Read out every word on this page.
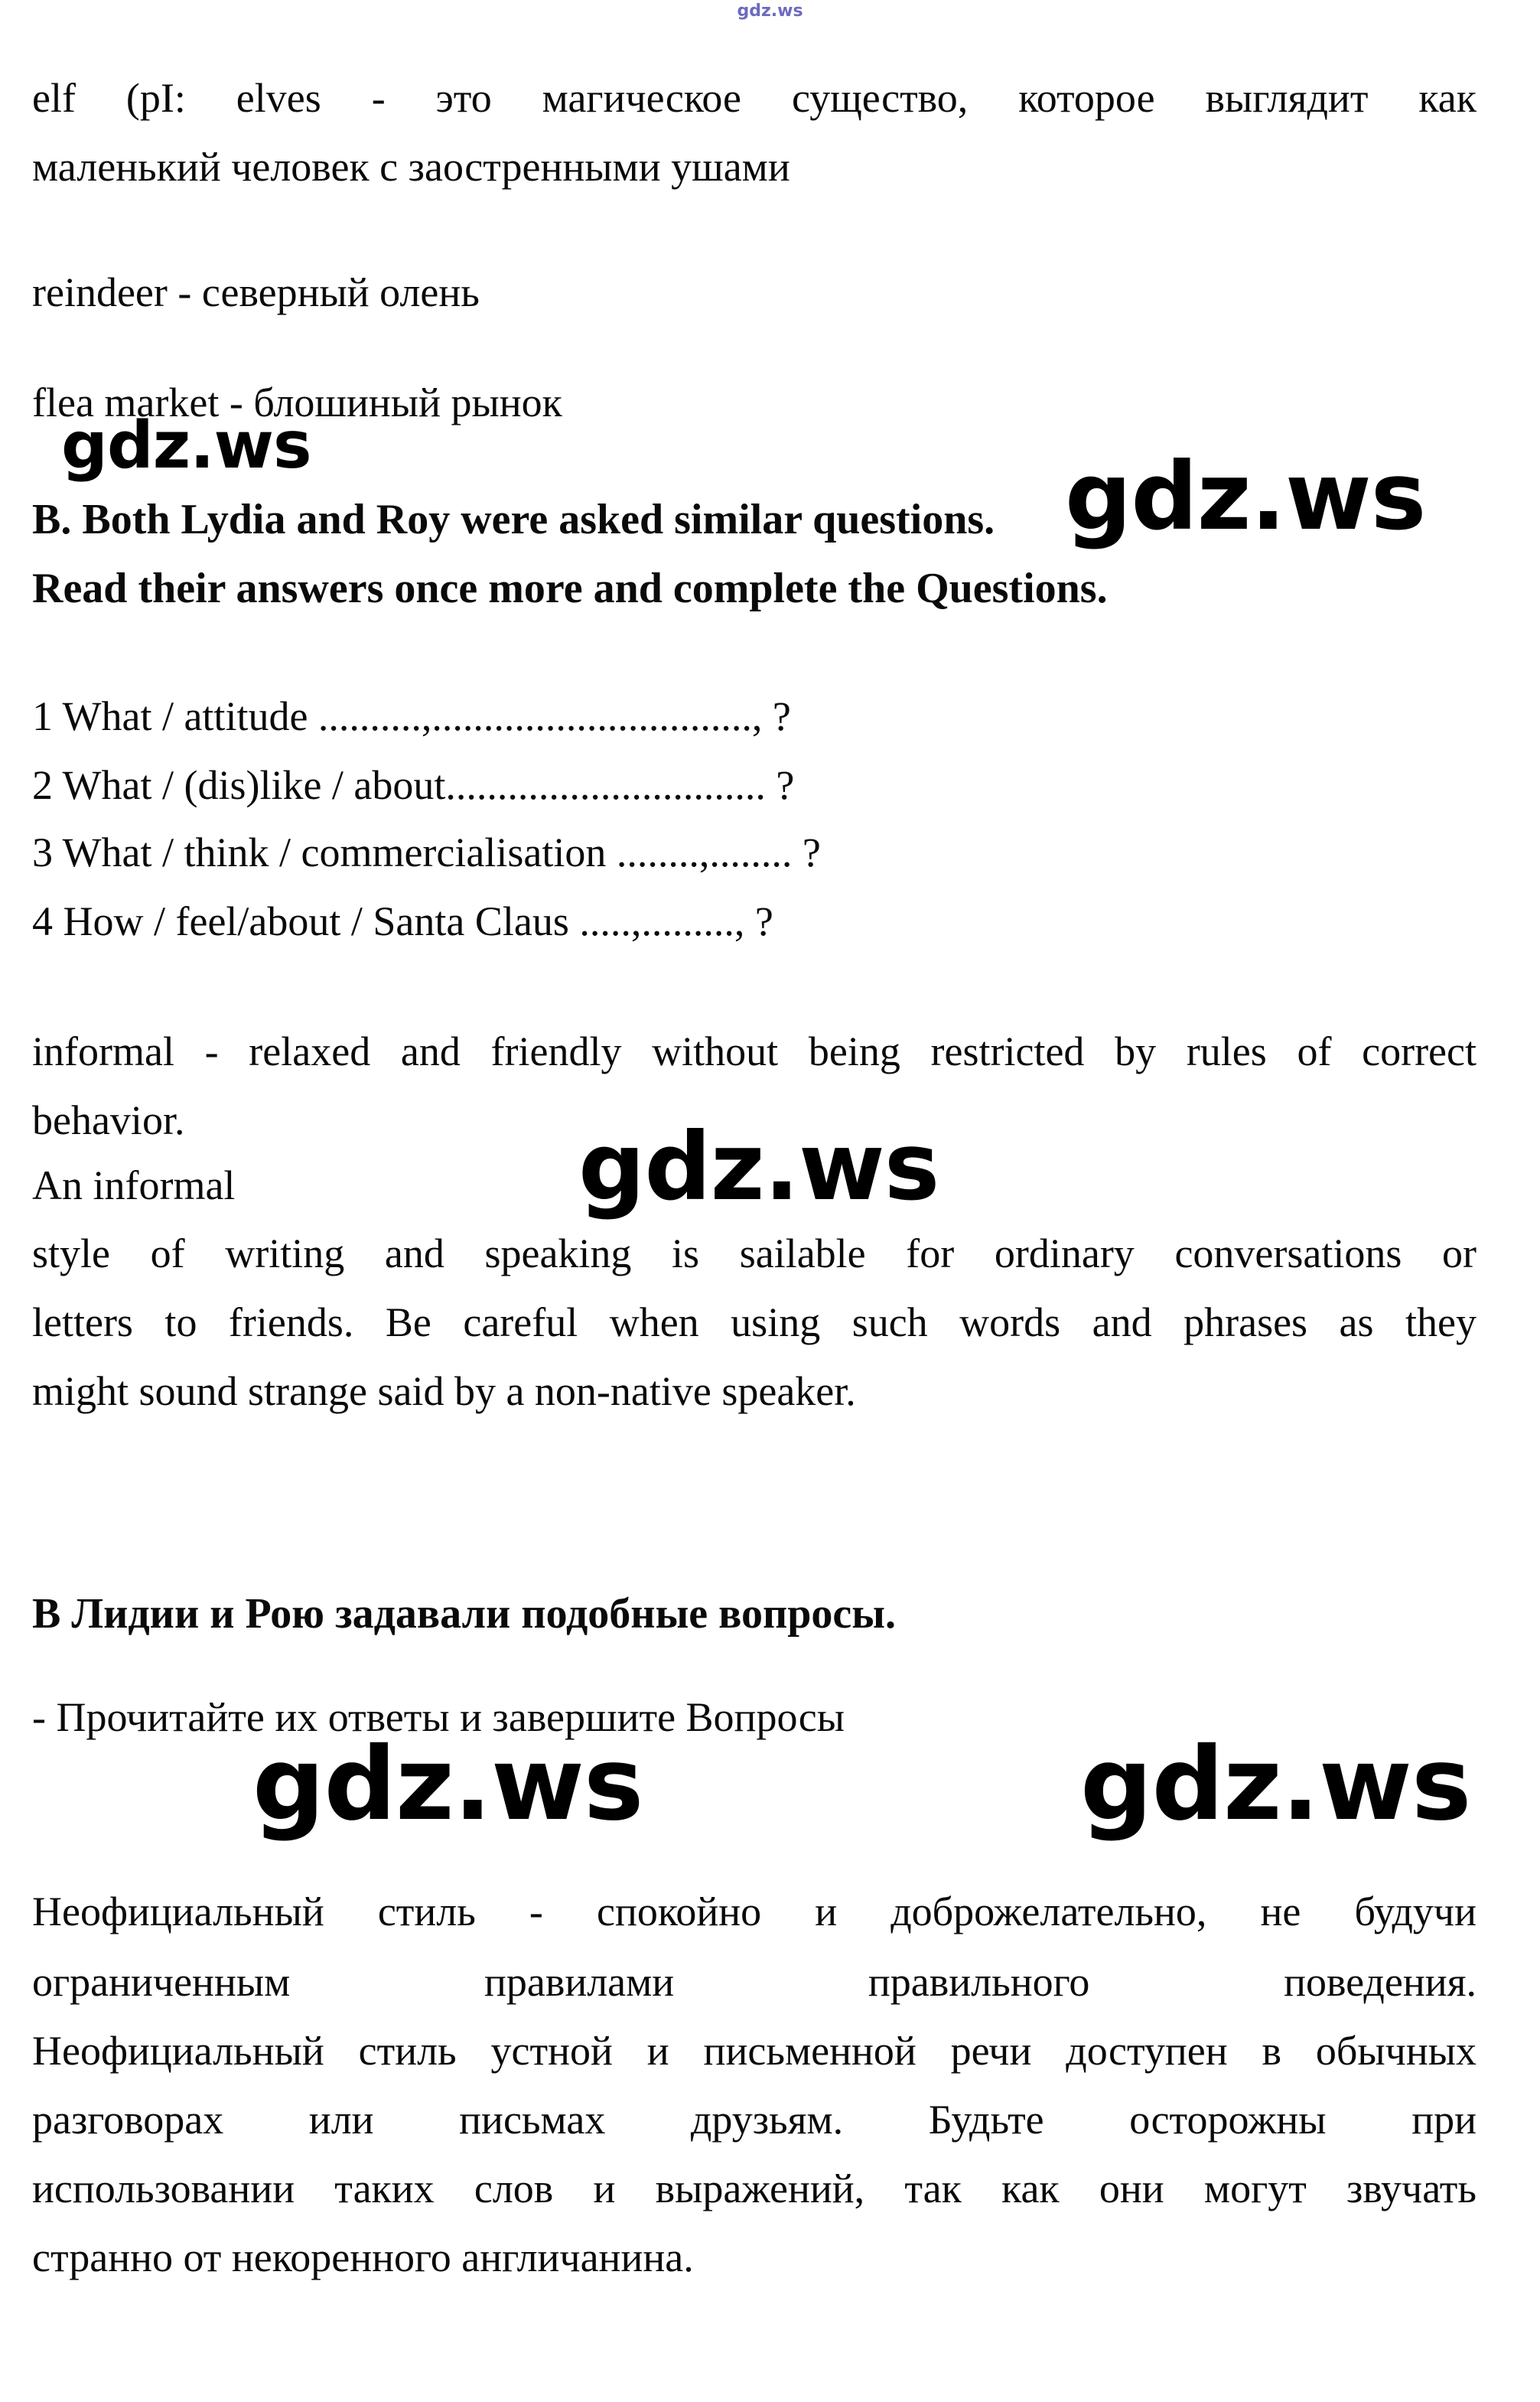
gdz.ws
elf (pI: elves - это магическое существо, которое выглядит как
маленький человек с заостренными ушами
reindeer - северный олень
flea market - блошиный рынок
gdz.ws
B. Both Lydia and Roy were asked similar questions. gdz.ws
Read their answers once more and complete the Questions.
1 What / attitude ..........,..............................., ?
2 What / (dis)like / about............................... ?
3 What / think / commercialisation ........,........ ?
4 How / feel/about / Santa Claus .....,........., ?
informal - relaxed and friendly without being restricted by rules of correct
behavior.
An informal	gdz.ws
style of writing and speaking is sailable for ordinary conversations or
letters to friends. Be careful when using such words and phrases as they
might sound strange said by a non-native speaker.
В Лидии и Рою задавали подобные вопросы.
- Прочитайте их ответы и завершите Вопросы
gdz.ws	gdz.ws
Неофициальный стиль - спокойно и доброжелательно, не будучи
ограниченным правилами правильного поведения.
Неофициальный стиль устной и письменной речи доступен в обычных
разговорах или письмах друзьям. Будьте осторожны при
использовании таких слов и выражений, так как они могут звучать
странно от некоренного англичанина.
